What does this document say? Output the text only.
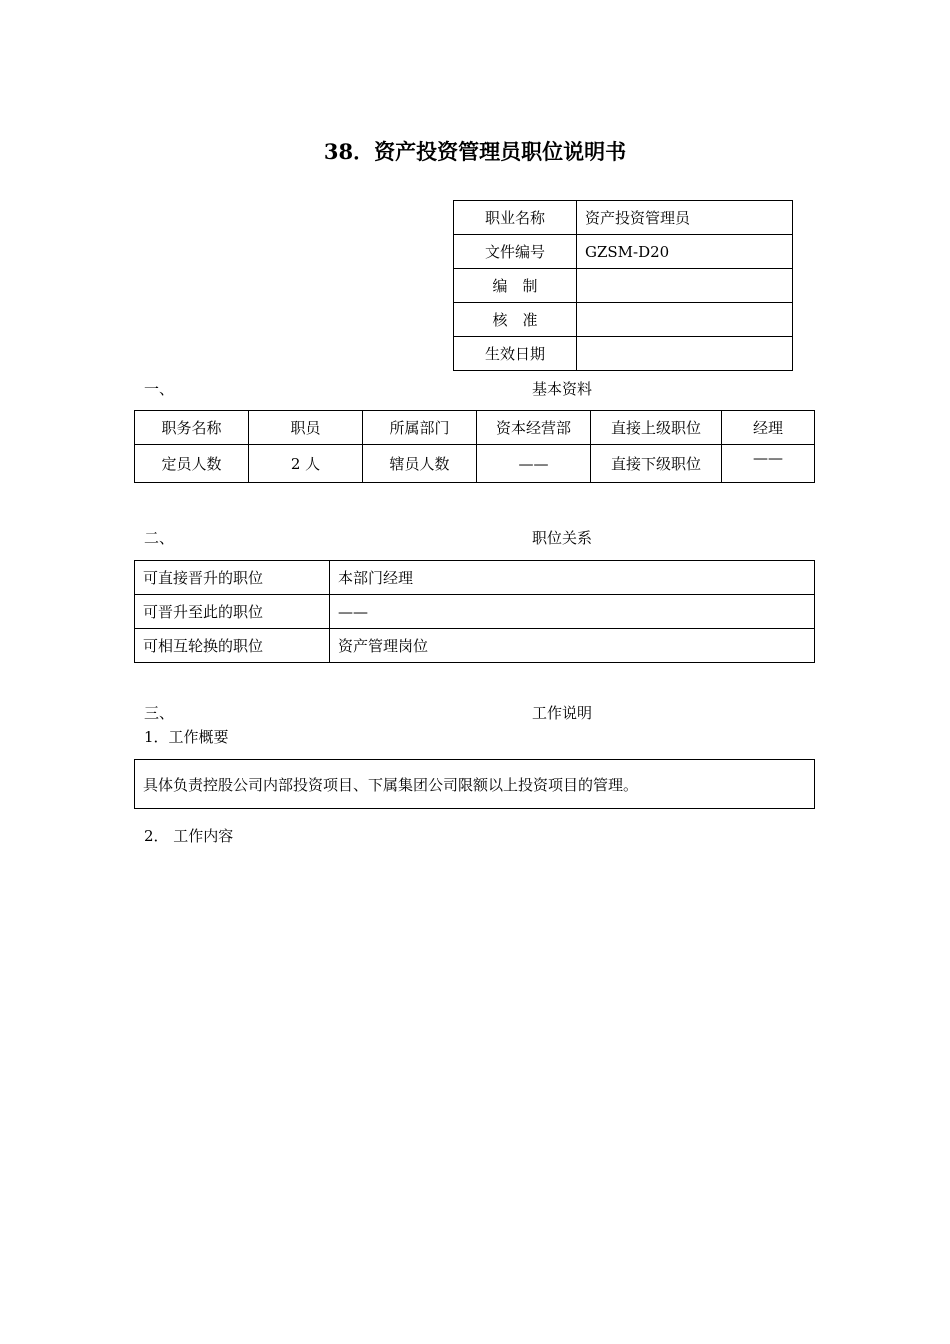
38．资产投资管理员职位说明书
职业名称	资产投资管理员
文件编号	GZSM-D20
编　制	
核　准	
生效日期	
一、	基本资料
职务名称	职员	所属部门	资本经营部	直接上级职位	经理
定员人数	2 人	辖员人数	——	直接下级职位	——
二、	职位关系
可直接晋升的职位	本部门经理
可晋升至此的职位	——
可相互轮换的职位	资产管理岗位
三、	工作说明
1．工作概要
具体负责控股公司内部投资项目、下属集团公司限额以上投资项目的管理。
2． 工作内容
